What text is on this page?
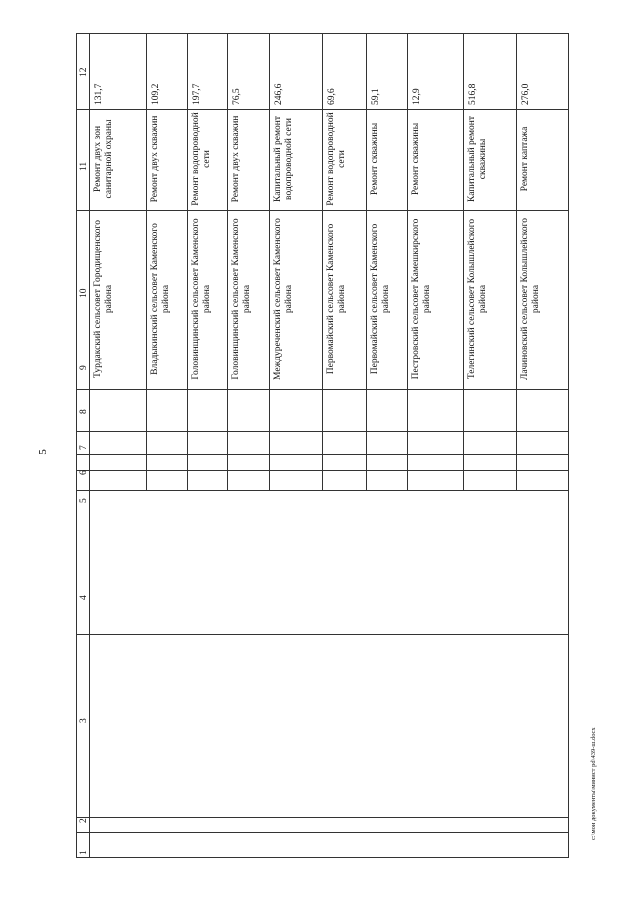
5
12
11
10
9
8
7
6
5
4
3
2
1
131,7
Ремонт двух зон санитарной охраны
Турдакский сельсовет Городищенского района
109,2
Ремонт двух скважин
Владыкинский сельсовет Каменского района
197,7
Ремонт водопроводной сети
Головинщинский сельсовет Каменского района
76,5
Ремонт двух скважин
Головинщинский сельсовет Каменского района
246,6
Капитальный ремонт водопроводной сети
Междуреченский сельсовет Каменского района
69,6
Ремонт водопроводной сети
Первомайский сельсовет Каменского района
59,1
Ремонт скважины
Первомайский сельсовет Каменского района
12,9
Ремонт скважины
Пестровский сельсовет Камешкирского района
516,8
Капитальный ремонт скважины
Телегинский сельсовет Колышлейского района
276,0
Ремонт каптажа
Лачиновский сельсовет Колышлейского района
c:\мои документы\минист pd\439-ш.docx
